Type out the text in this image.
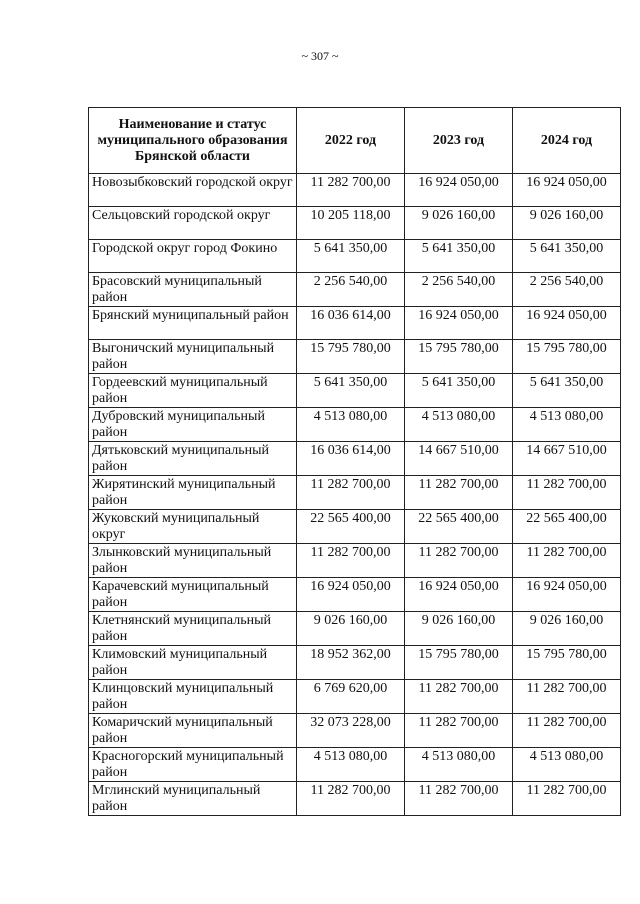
~ 307 ~
Наименование и статус муниципального образования Брянской области	2022 год	2023 год	2024 год
Новозыбковский городской округ	11 282 700,00	16 924 050,00	16 924 050,00
Сельцовский городской округ	10 205 118,00	9 026 160,00	9 026 160,00
Городской округ город Фокино	5 641 350,00	5 641 350,00	5 641 350,00
Брасовский муниципальный район	2 256 540,00	2 256 540,00	2 256 540,00
Брянский муниципальный район	16 036 614,00	16 924 050,00	16 924 050,00
Выгоничский муниципальный район	15 795 780,00	15 795 780,00	15 795 780,00
Гордеевский муниципальный район	5 641 350,00	5 641 350,00	5 641 350,00
Дубровский муниципальный район	4 513 080,00	4 513 080,00	4 513 080,00
Дятьковский муниципальный район	16 036 614,00	14 667 510,00	14 667 510,00
Жирятинский муниципальный район	11 282 700,00	11 282 700,00	11 282 700,00
Жуковский муниципальный округ	22 565 400,00	22 565 400,00	22 565 400,00
Злынковский муниципальный район	11 282 700,00	11 282 700,00	11 282 700,00
Карачевский муниципальный район	16 924 050,00	16 924 050,00	16 924 050,00
Клетнянский муниципальный район	9 026 160,00	9 026 160,00	9 026 160,00
Климовский муниципальный район	18 952 362,00	15 795 780,00	15 795 780,00
Клинцовский муниципальный район	6 769 620,00	11 282 700,00	11 282 700,00
Комаричский муниципальный район	32 073 228,00	11 282 700,00	11 282 700,00
Красногорский муниципальный район	4 513 080,00	4 513 080,00	4 513 080,00
Мглинский муниципальный район	11 282 700,00	11 282 700,00	11 282 700,00
